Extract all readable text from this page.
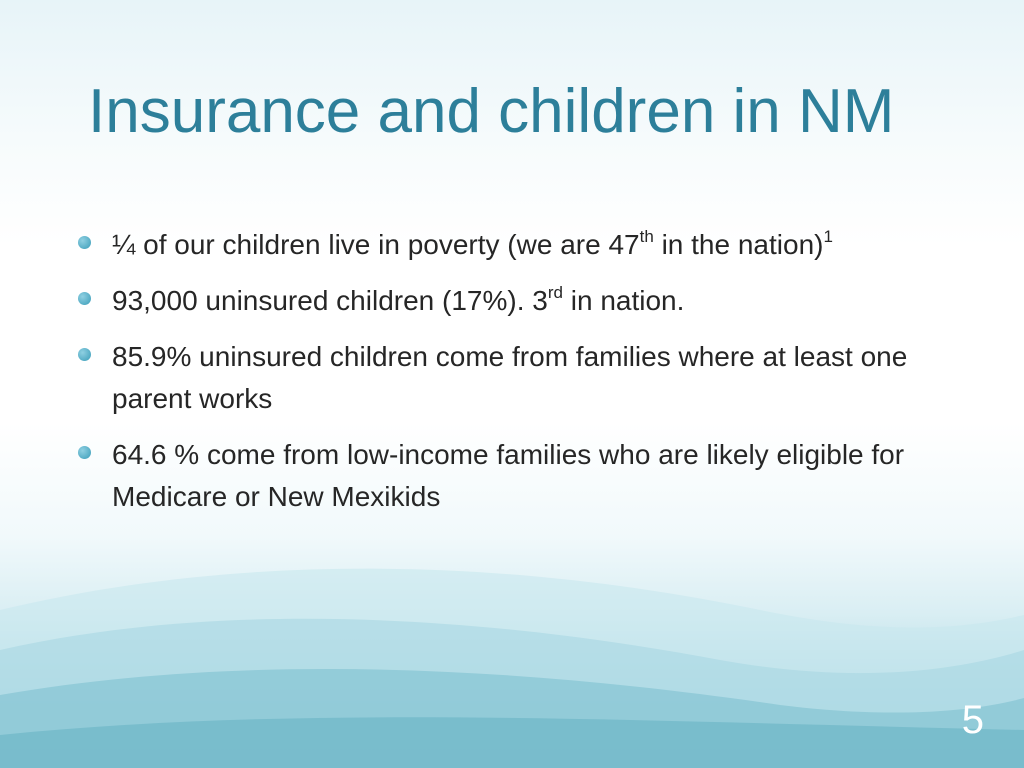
Insurance and children in NM
¼ of our children live in poverty (we are 47th in the nation)$^1$
93,000 uninsured children (17%). 3rd in nation.
85.9% uninsured children come from families where at least one parent works
64.6 % come from low-income families who are likely eligible for Medicare or New Mexikids
5
